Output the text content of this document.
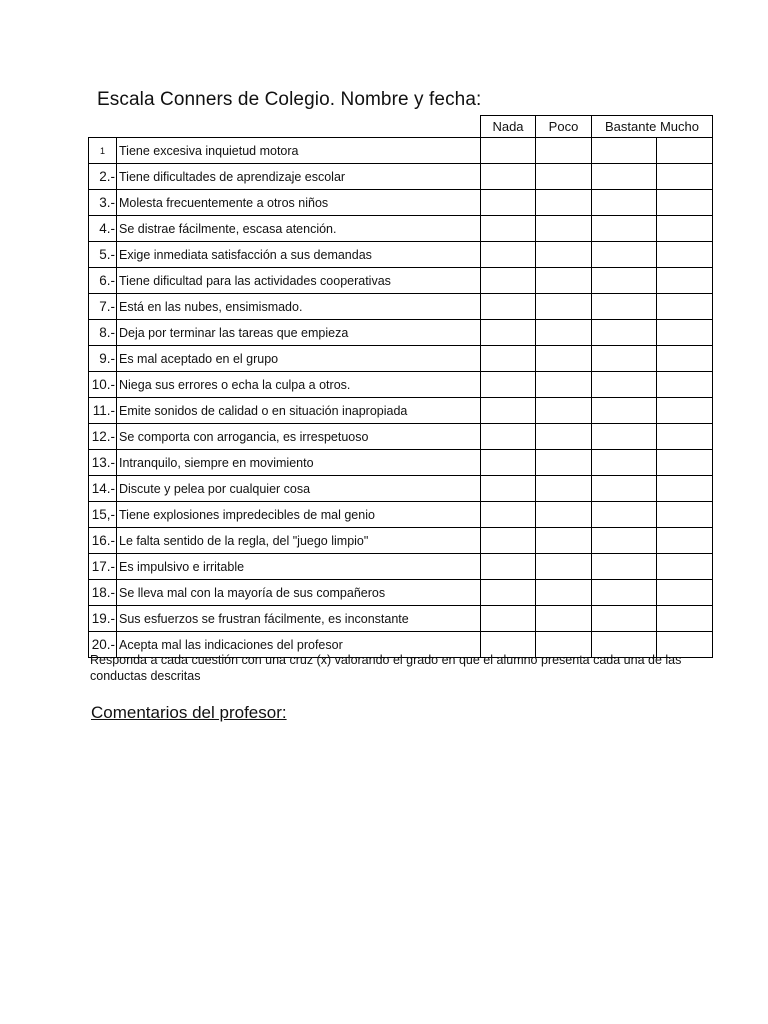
Escala Conners de Colegio. Nombre y fecha:
		Nada	Poco	Bastante Mucho	
1	Tiene excesiva inquietud motora				
2.-	Tiene dificultades de aprendizaje escolar				
3.-	Molesta frecuentemente a otros niños				
4.-	Se distrae fácilmente, escasa atención.				
5.-	Exige inmediata satisfacción a sus demandas				
6.-	Tiene dificultad para las actividades cooperativas				
7.-	Está en las nubes, ensimismado.				
8.-	Deja por terminar las tareas que empieza				
9.-	Es mal aceptado en el grupo				
10.-	Niega sus errores o echa la culpa a otros.				
11.-	Emite sonidos de calidad o en situación inapropiada				
12.-	Se comporta con arrogancia, es irrespetuoso				
13.-	Intranquilo, siempre en movimiento				
14.-	Discute y pelea por cualquier cosa				
15,-	Tiene explosiones impredecibles de mal genio				
16.-	Le falta sentido de la regla, del "juego limpio"				
17.-	Es impulsivo e irritable				
18.-	Se lleva mal con la mayoría de sus compañeros				
19.-	Sus esfuerzos se frustran fácilmente, es inconstante				
20.-	Acepta mal las indicaciones del profesor				
Responda a cada cuestión con una cruz (x) valorando el grado en que el alumno presenta cada una de las conductas descritas
Comentarios del profesor:
